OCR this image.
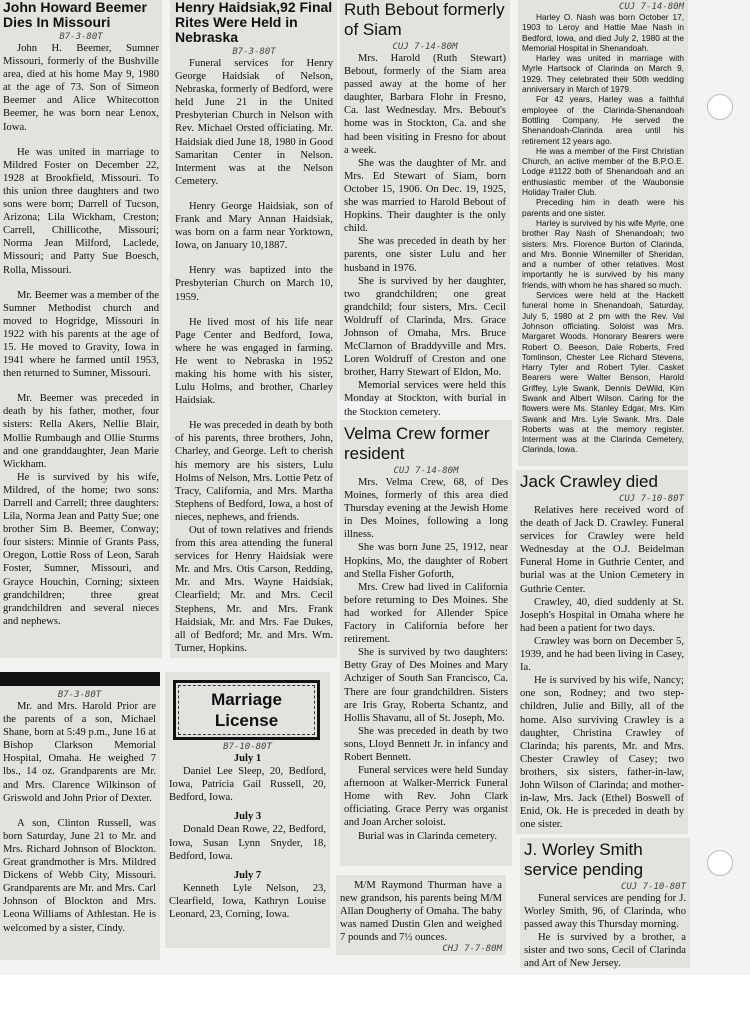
John Howard Beemer Dies In Missouri
B7-3-80T

John H. Beemer, Sumner Missouri, formerly of the Bushville area, died at his home May 9, 1980 at the age of 73. Son of Simeon Beemer and Alice Whitecotton Beemer, he was born near Lenox, Iowa.

He was united in marriage to Mildred Foster on December 22, 1928 at Brookfield, Missouri. To this union three daughters and two sons were born; Darrell of Tucson, Arizona; Lila Wickham, Creston; Carrell, Chillicothe, Missouri; Norma Jean Milford, Laclede, Missouri; and Patty Sue Boesch, Rolla, Missouri.

Mr. Beemer was a member of the Sumner Methodist church and moved to Hogridge, Missouri in 1922 with his parents at the age of 15. He moved to Gravity, Iowa in 1941 where he farmed until 1953, then returned to Sumner, Missouri.

Mr. Beemer was preceded in death by his father, mother, four sisters: Rella Akers, Nellie Blair, Mollie Rumbaugh and Ollie Sturms and one granddaughter, Jean Marie Wickham.

He is survived by his wife, Mildred, of the home; two sons: Darrell and Carrell; three daughters: Lila, Norma Jean and Patty Sue; one brother Sim B. Beemer, Conway; four sisters: Minnie of Grants Pass, Oregon, Lottie Ross of Leon, Sarah Foster, Sumner, Missouri, and Grayce Houchin, Corning; sixteen grandchildren; three great grandchildren and several nieces and nephews.

B7-3-80T

Mr. and Mrs. Harold Prior are the parents of a son, Michael Shane, born at 5:49 p.m., June 16 at Bishop Clarkson Memorial Hospital, Omaha. He weighed 7 lbs., 14 oz. Grandparents are Mr. and Mrs. Clarence Wilkinson of Griswold and John Prior of Dexter.

A son, Clinton Russell, was born Saturday, June 21 to Mr. and Mrs. Richard Johnson of Blockton. Great grandmother is Mrs. Mildred Dickens of Webb City, Missouri. Grandparents are Mr. and Mrs. Carl Johnson of Blockton and Mrs. Leona Williams of Athlestan. He is welcomed by a sister, Cindy.

Henry Haidsiak,92 Final Rites Were Held in Nebraska
B7-3-80T

Funeral services for Henry George Haidsiak of Nelson, Nebraska, formerly of Bedford, were held June 21 in the United Presbyterian Church in Nelson with Rev. Michael Orsted officiating. Mr. Haidsiak died June 18, 1980 in Good Samaritan Center in Nelson. Interment was at the Nelson Cemetery.

Henry George Haidsiak, son of Frank and Mary Annan Haidsiak, was born on a farm near Yorktown, Iowa, on January 10,1887.

Henry was baptized into the Presbyterian Church on March 10, 1959.

He lived most of his life near Page Center and Bedford, Iowa, where he was engaged in farming. He went to Nebraska in 1952 making his home with his sister, Lulu Holms, and brother, Charley Haidsiak.

He was preceded in death by both of his parents, three brothers, John, Charley, and George. Left to cherish his memory are his sisters, Lulu Holms of Nelson, Mrs. Lottie Petz of Tracy, California, and Mrs. Martha Stephens of Bedford, Iowa, a host of nieces, nephews, and friends.

Out of town relatives and friends from this area attending the funeral services for Henry Haidsiak were Mr. and Mrs. Otis Carson, Redding, Mr. and Mrs. Wayne Haidsiak, Clearfield; Mr. and Mrs. Cecil Stephens, Mr. and Mrs. Frank Haidsiak, Mr. and Mrs. Fae Dukes, all of Bedford; Mr. and Mrs. Wm. Turner, Hopkins.

Marriage License
B7-10-80T

July 1

Daniel Lee Sleep, 20, Bedford, Iowa, Patricia Gail Russell, 20, Bedford, Iowa.

July 3

Donald Dean Rowe, 22, Bedford, Iowa, Susan Lynn Snyder, 18, Bedford, Iowa.

July 7

Kenneth Lyle Nelson, 23, Clearfield, Iowa, Kathryn Louise Leonard, 23, Corning, Iowa.

Ruth Bebout formerly of Siam
CUJ 7-14-80M

Mrs. Harold (Ruth Stewart) Bebout, formerly of the Siam area passed away at the home of her daughter, Barbara Flohr in Fresno, Ca. last Wednesday. Mrs. Bebout's home was in Stockton, Ca. and she had been visiting in Fresno for about a week.

She was the daughter of Mr. and Mrs. Ed Stewart of Siam, born October 15, 1906. On Dec. 19, 1925, she was married to Harold Bebout of Hopkins. Their daughter is the only child.

She was preceded in death by her parents, one sister Lulu and her husband in 1976.

She is survived by her daughter, two grandchildren; one great grandchild; four sisters, Mrs. Cecil Woldruff of Clarinda, Mrs. Grace Johnson of Omaha, Mrs. Bruce McClarnon of Braddyville and Mrs. Loren Woldruff of Creston and one brother, Harry Stewart of Eldon, Mo.

Memorial services were held this Monday at Stockton, with burial in the Stockton cemetery.

Velma Crew former resident
CUJ 7-14-80M

Mrs. Velma Crew, 68, of Des Moines, formerly of this area died Thursday evening at the Jewish Home in Des Moines, following a long illness.

She was born June 25, 1912, near Hopkins, Mo, the daughter of Robert and Stella Fisher Goforth,

Mrs. Crew had lived in California before returning to Des Moines. She had worked for Allender Spice Factory in California before her retirement.

She is survived by two daughters: Betty Gray of Des Moines and Mary Achziger of South San Francisco, Ca. There are four grandchildren. Sisters are Iris Gray, Roberta Schantz, and Hollis Shavanu, all of St. Joseph, Mo.

She was preceded in death by two sons, Lloyd Bennett Jr. in infancy and Robert Bennett.

Funeral services were held Sunday afternoon at Walker-Merrick Funeral Home with Rev. John Clark officiating. Grace Perry was organist and Joan Archer soloist.

Burial was in Clarinda cemetery.

M/M Raymond Thurman have a new grandson, his parents being M/M Allan Dougherty of Omaha. The baby was named Dustin Glen and weighed 7 pounds and 7½ ounces.

CHJ 7-7-80M
CUJ 7-14-80M

Harley O. Nash was born October 17, 1903 to Leroy and Hattie Mae Nash in Bedford, Iowa, and died July 2, 1980 at the Memorial Hospital in Shenandoah.

Harley was united in marriage with Myrle Hartsock of Clarinda on March 9, 1929. They celebrated their 50th wedding anniversary in March of 1979.

For 42 years, Harley was a faithful employee of the Clarinda-Shenandoah Bottling Company. He served the Shenandoah-Clarinda area until his retirement 12 years ago.

He was a member of the First Christian Church, an active member of the B.P.O.E. Lodge #1122 both of Shenandoah and an enthusiastic member of the Waubonsie Holiday Trailer Club.

Preceding him in death were his parents and one sister.

Harley is survived by his wife Myrle, one brother Ray Nash of Shenandoah; two sisters: Mrs. Florence Burton of Clarinda, and Mrs. Bonnie Winemiller of Sheridan, and a number of other relatives. Most importantly he is survived by his many friends, with whom he has shared so much.

Services were held at the Hackett funeral home in Shenandoah, Saturday, July 5, 1980 at 2 pm with the Rev. Val Johnson officiating. Soloist was Mrs. Margaret Woods. Honorary Bearers were Robert O. Beeson, Dale Roberts, Fred Tomlinson, Chester Lee Richard Stevens, Harry Tyler and Robert Tyler. Casket Bearers were Walter Benson, Harold Griffey, Lyle Swank, Dennis DeWild, Kim Swank and Albert Wilson. Caring for the flowers were Ms. Stanley Edgar, Mrs. Kim Swank and Mrs. Lyle Swank. Mrs. Dale Roberts was at the memory register. Interment was at the Clarinda Cemetery, Clarinda, Iowa.

Jack Crawley died
CUJ 7-10-80T

Relatives here received word of the death of Jack D. Crawley. Funeral services for Crawley were held Wednesday at the O.J. Beidelman Funeral Home in Guthrie Center, and burial was at the Union Cemetery in Guthrie Center.

Crawley, 40, died suddenly at St. Joseph's Hospital in Omaha where he had been a patient for two days.

Crawley was born on December 5, 1939, and he had been living in Casey, Ia.

He is survived by his wife, Nancy; one son, Rodney; and two step-children, Julie and Billy, all of the home. Also surviving Crawley is a daughter, Christina Crawley of Clarinda; his parents, Mr. and Mrs. Chester Crawley of Casey; two brothers, six sisters, father-in-law, John Wilson of Clarinda; and mother-in-law, Mrs. Jack (Ethel) Boswell of Enid, Ok. He is preceded in death by one sister.

J. Worley Smith service pending
CUJ 7-10-80T

Funeral services are pending for J. Worley Smith, 96, of Clarinda, who passed away this Thursday morning.

He is survived by a brother, a sister and two sons, Cecil of Clarinda and Art of New Jersey.
